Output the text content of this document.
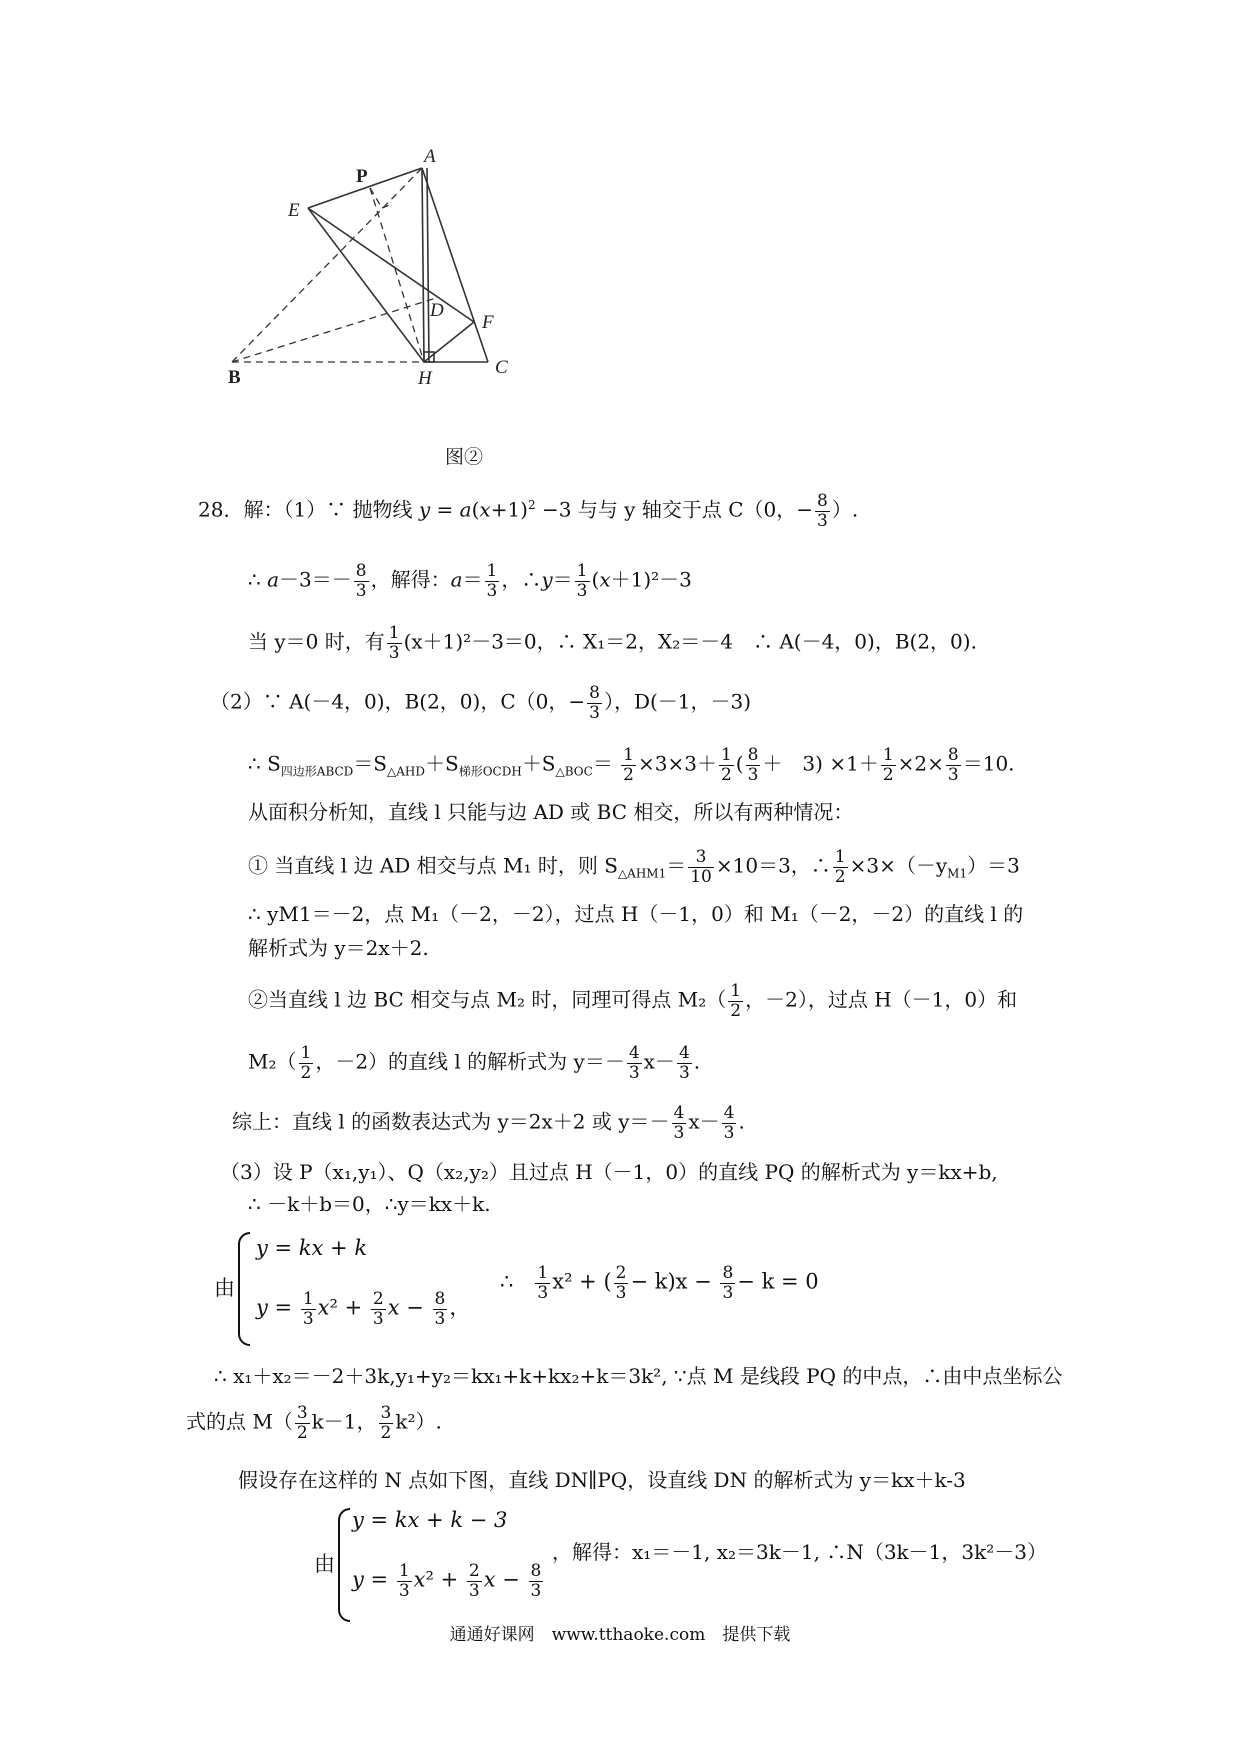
A
E
D
F
H
C
P
B
图②
28．解：（1）∵ 抛物线 $y = a(x+1)^2 -3$ 与与 y 轴交于点 C（0，− $\frac{8}{3}$ ）.
∴ $a-3=- \frac{8}{3}$ ，解得：$a= \frac{1}{3}$ ，∴y＝ $\frac{1}{3} (x+1)^2-3$
当 y＝0 时，有 $\frac{1}{3} (x+1)^2-3=0$，∴ X₁＝2，X₂＝－4　∴ A(－4，0)，B(2，0).
（2）∵ A(－4，0)，B(2，0)，C（0，− $\frac{8}{3}$ ），D(－1，－3)
∴ $S_{四边形ABCD}=S_{\triangle AHD}+S_{梯形OCDH}+S_{\triangle BOC}= \frac{1}{2} \times 3\times 3+ \frac{1}{2}$ ( $\frac{8}{3}$ ＋　$3) \times 1+ \frac{1}{2} \times 2\times \frac{8}{3} =10$.
从面积分析知，直线 l 只能与边 AD 或 BC 相交，所以有两种情况：
① 当直线 l 边 AD 相交与点 M₁ 时，则 $S_{\triangle AHM1}= \frac{3}{10} \times 10=3$，∴ $\frac{1}{2} \times 3\times(-y_{M1})=3$
∴ yM1＝－2，点 M₁（－2，－2），过点 H（－1，0）和 M₁（－2，－2）的直线 l 的
解析式为 y＝2x＋2.
②当直线 l 边 BC 相交与点 M₂ 时，同理可得点 $M_2( \frac{1}{2}$ ，－2），过点 H（－1，0）和
$M_2( \frac{1}{2}$ ，－2）的直线 l 的解析式为 $y=- \frac{4}{3} x- \frac{4}{3}$ .
综上：直线 l 的函数表达式为 y＝2x＋2 或 $y=- \frac{4}{3} x- \frac{4}{3}$ .
（3）设 P（x₁,y₁）、Q（x₂,y₂）且过点 H（－1，0）的直线 PQ 的解析式为 y＝kx+b,
∴ －k＋b＝0，∴y＝kx＋k.
由
y = kx + k
$y = \frac{1}{3} x^2 + \frac{2}{3}$ $x - \frac{8}{3}$ ，
∴ $\frac{1}{3} x^2$ + ( $\frac{2}{3} - k)x - \frac{8}{3} - k = 0$
∴ x₁＋x₂＝－2＋3k,y₁+y₂＝kx₁+k+kx₂+k＝3k², ∵点 M 是线段 PQ 的中点，∴由中点坐标公
式的点 $M( \frac{3}{2} k-1$， $\frac{3}{2} k^2$）.
假设存在这样的 N 点如下图，直线 DN∥PQ，设直线 DN 的解析式为 y＝kx＋k-3
由
y = kx + k − 3
$y = \frac{1}{3} x^2 + \frac{2}{3}$ $x - \frac{8}{3}$
，解得：x₁＝－1, x₂＝3k－1, ∴N（3k－1，3k²－3）
通通好课网　www.tthaoke.com　提供下载
